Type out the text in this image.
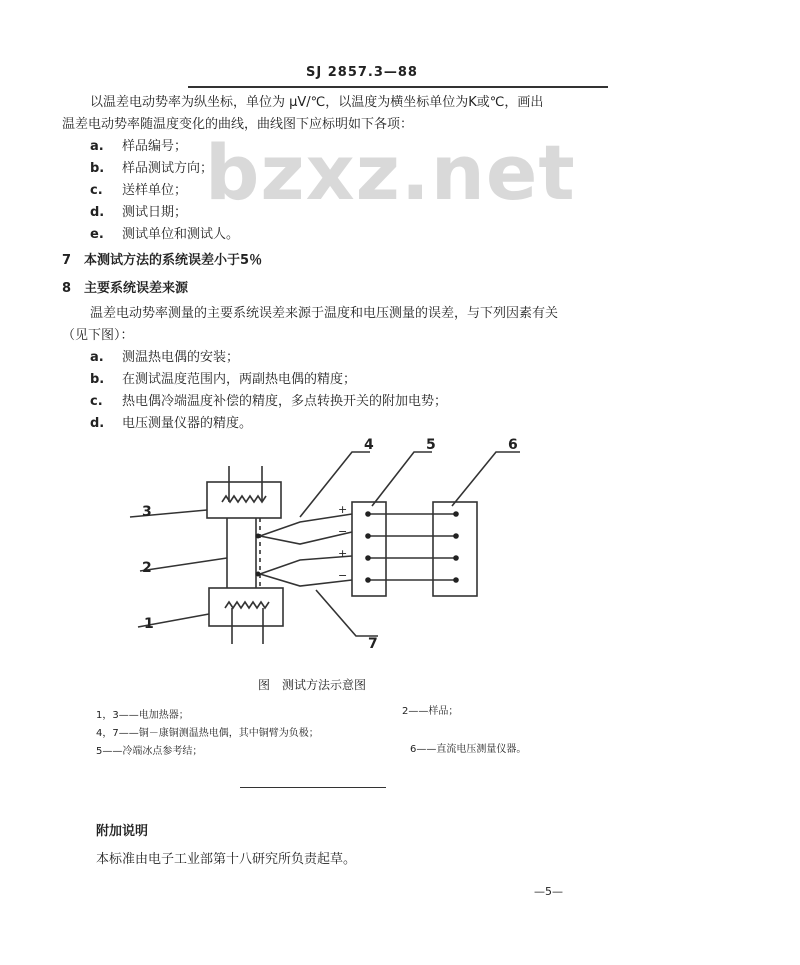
SJ 2857.3—88
bzxz.net
以温差电动势率为纵坐标，单位为 μV/℃，以温度为横坐标单位为K或℃，画出
温差电动势率随温度变化的曲线，曲线图下应标明如下各项：
a. 样品编号；
b. 样品测试方向；
c. 送样单位；
d. 测试日期；
e. 测试单位和测试人。
7　本测试方法的系统误差小于5％
8　主要系统误差来源
温差电动势率测量的主要系统误差来源于温度和电压测量的误差，与下列因素有关
（见下图）：
a. 测温热电偶的安装；
b. 在测试温度范围内，两副热电偶的精度；
c. 热电偶冷端温度补偿的精度，多点转换开关的附加电势；
d. 电压测量仪器的精度。
+
−
+
−
3
2
1
4	5	6
7
图　测试方法示意图
1，3——电加热器；	2——样品；
4，7——铜－康铜测温热电偶，其中铜臂为负极；
5——冷端冰点参考结；	6——直流电压测量仪器。
附加说明
本标准由电子工业部第十八研究所负责起草。
—5—
